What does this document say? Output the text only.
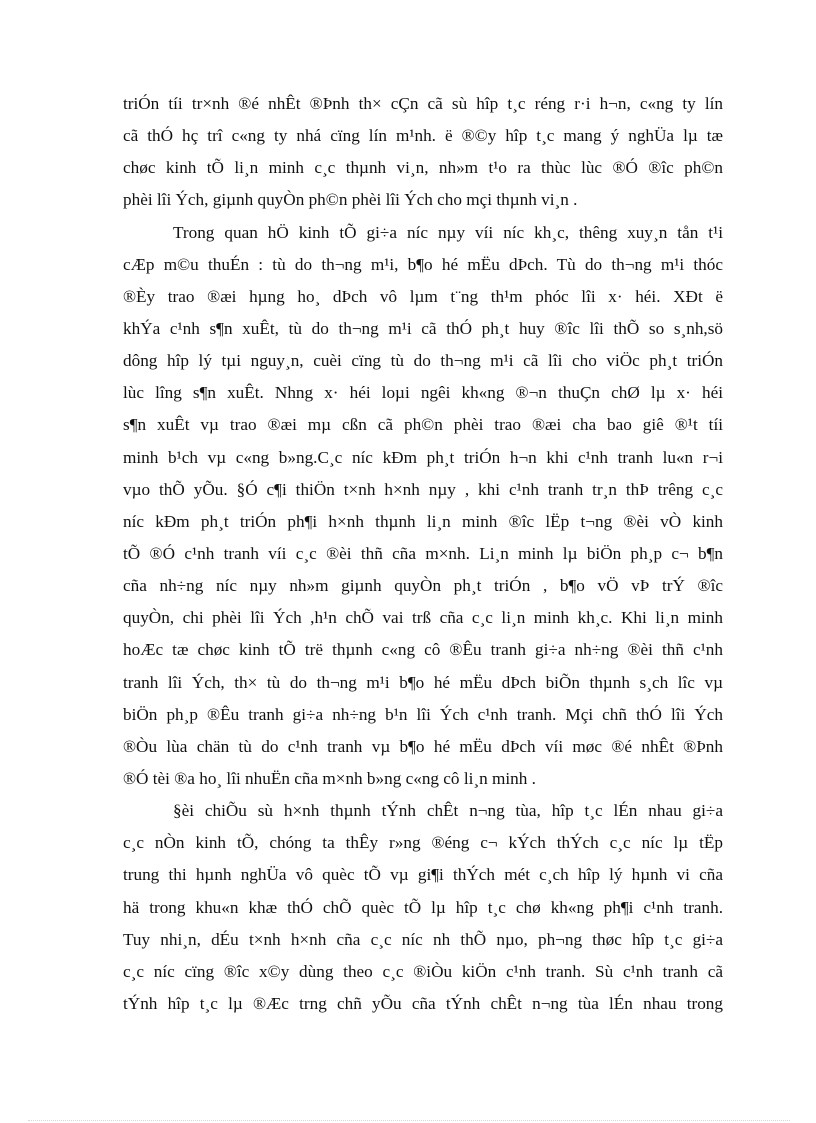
triÓn tíi tr×nh ®é nhÊt ®Þnh th× cÇn cã sù hîp t¸c réng r·i h¬n, c«ng ty lín
cã thÓ hç trî c«ng ty nhá cïng lín m¹nh. ë ®©y hîp t¸c mang ý nghÜa lµ tæ
chøc kinh tÕ li¸n minh c¸c thµnh vi¸n, nh»m t¹o ra thùc lùc ®Ó ®îc ph©n
phèi lîi Ých, giµnh quyÒn ph©n phèi lîi Ých cho mçi thµnh vi¸n .

Trong quan hÖ kinh tÕ gi÷a níc nµy víi níc kh¸c, thêng xuy¸n tån t¹i
cÆp m©u thuÉn : tù do th¬ng m¹i, b¶o hé mËu dÞch. Tù do th¬ng m¹i thóc
®Èy trao ®æi hµng ho¸ dÞch vô lµm t¨ng th¹m phóc lîi x· héi. XÐt ë
khÝa c¹nh s¶n xuÊt, tù do th¬ng m¹i cã thÓ ph¸t huy ®îc lîi thÕ so s¸nh,sö
dông hîp lý tµi nguy¸n, cuèi cïng tù do th¬ng m¹i cã lîi cho viÖc ph¸t triÓn
lùc lîng s¶n xuÊt. Nhng x· héi loµi ngêi kh«ng ®¬n thuÇn chØ lµ x· héi
s¶n xuÊt vµ trao ®æi mµ cßn cã ph©n phèi trao ®æi cha bao giê ®¹t tíi
minh b¹ch vµ c«ng b»ng.C¸c níc kÐm ph¸t triÓn h¬n khi c¹nh tranh lu«n r¬i
vµo thÕ yÕu. §Ó c¶i thiÖn t×nh h×nh nµy , khi c¹nh tranh tr¸n thÞ trêng c¸c
níc kÐm ph¸t triÓn ph¶i h×nh thµnh li¸n minh ®îc lËp t¬ng ®èi vÒ kinh
tÕ ®Ó c¹nh tranh víi c¸c ®èi thñ cña m×nh. Li¸n minh lµ biÖn ph¸p c¬ b¶n
cña nh÷ng níc nµy nh»m giµnh quyÒn ph¸t triÓn , b¶o vÖ vÞ trÝ ®îc
quyÒn, chi phèi lîi Ých ,h¹n chÕ vai trß cña c¸c li¸n minh kh¸c. Khi li¸n minh
hoÆc tæ chøc kinh tÕ trë thµnh c«ng cô ®Êu tranh gi÷a nh÷ng ®èi thñ c¹nh
tranh lîi Ých, th× tù do th¬ng m¹i b¶o hé mËu dÞch biÕn thµnh s¸ch lîc vµ
biÖn ph¸p ®Êu tranh gi÷a nh÷ng b¹n lîi Ých c¹nh tranh. Mçi chñ thÓ lîi Ých
®Òu lùa chän tù do c¹nh tranh vµ b¶o hé mËu dÞch víi møc ®é nhÊt ®Þnh
®Ó tèi ®a ho¸ lîi nhuËn cña m×nh b»ng c«ng cô li¸n minh .

§èi chiÕu sù h×nh thµnh tÝnh chÊt n¬ng tùa, hîp t¸c lÉn nhau gi÷a
c¸c nÒn kinh tÕ, chóng ta thÊy r»ng ®éng c¬ kÝch thÝch c¸c níc lµ tËp
trung thi hµnh nghÜa vô quèc tÕ vµ gi¶i thÝch mét c¸ch hîp lý hµnh vi cña
hä trong khu«n khæ thÓ chÕ quèc tÕ lµ hîp t¸c chø kh«ng ph¶i c¹nh tranh.
Tuy nhi¸n, dÉu t×nh h×nh cña c¸c níc nh thÕ nµo, ph¬ng thøc hîp t¸c gi÷a
c¸c níc cïng ®îc x©y dùng theo c¸c ®iÒu kiÖn c¹nh tranh. Sù c¹nh tranh cã
tÝnh hîp t¸c lµ ®Æc trng chñ yÕu cña tÝnh chÊt n¬ng tùa lÉn nhau trong
